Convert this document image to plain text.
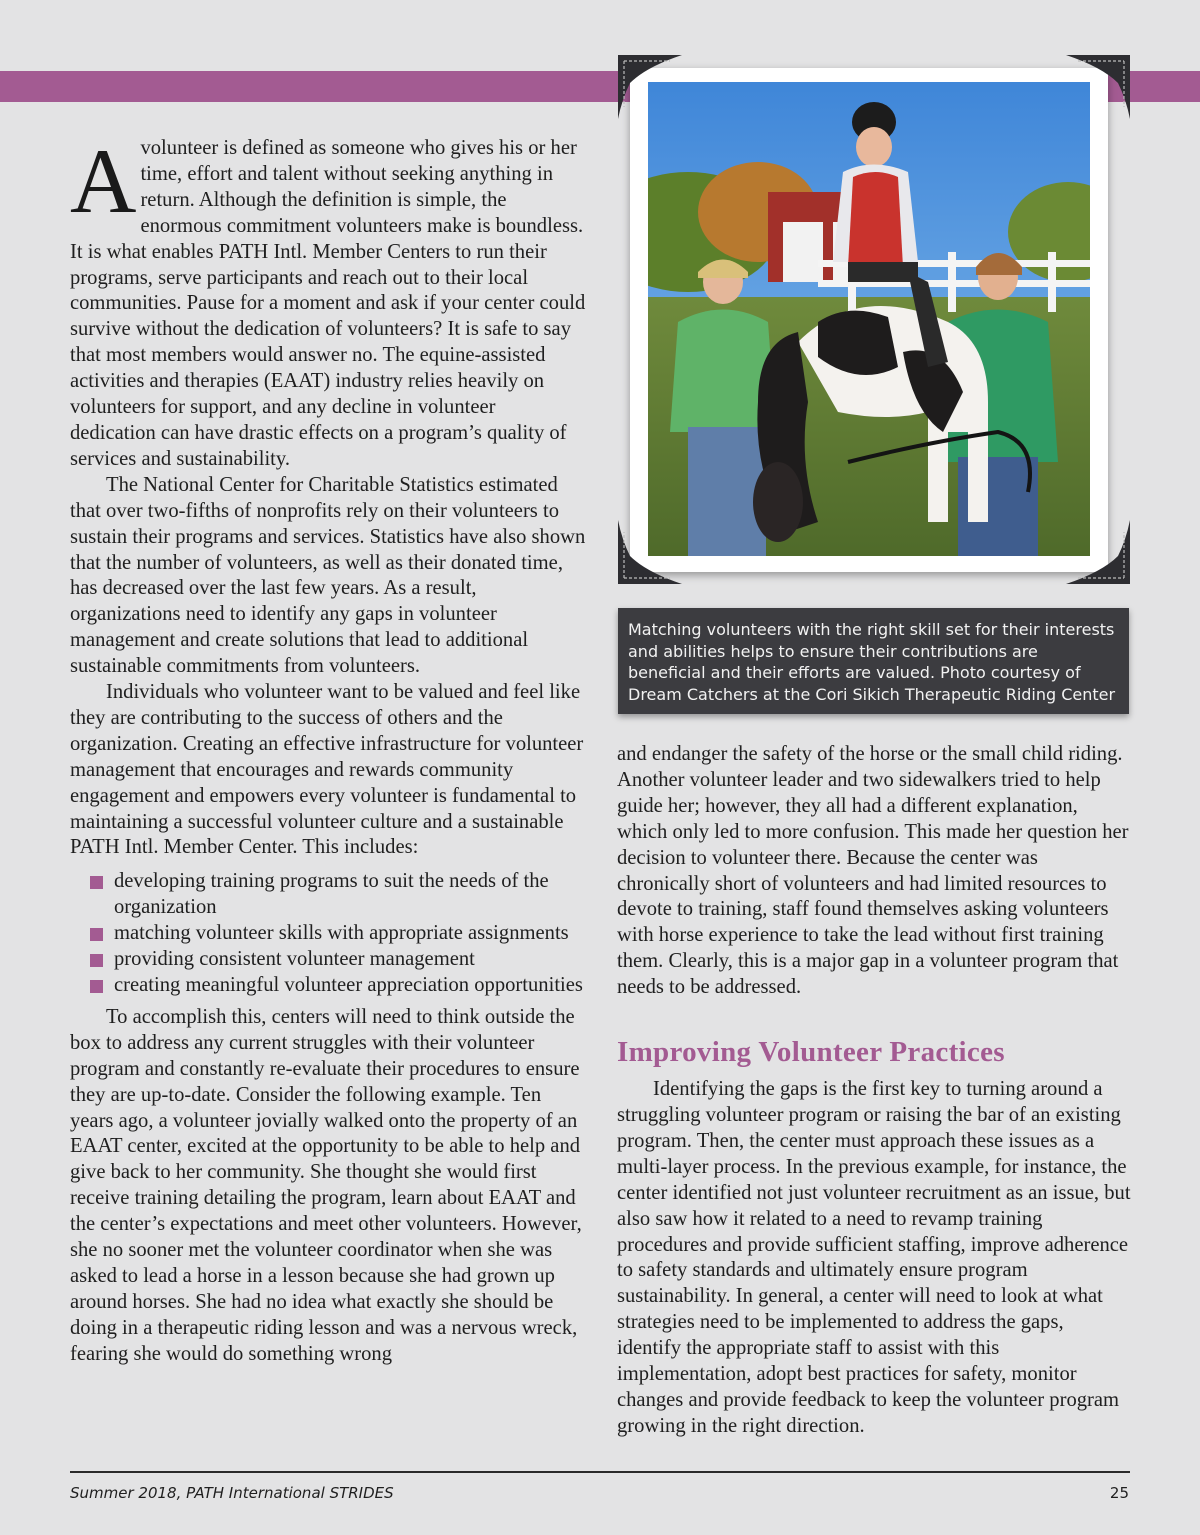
Avolunteer is defined as someone who gives his or her time, effort and talent without seeking anything in return. Although the definition is simple, the enormous commitment volunteers make is boundless. It is what enables PATH Intl. Member Centers to run their programs, serve participants and reach out to their local communities. Pause for a moment and ask if your center could survive without the dedication of volunteers? It is safe to say that most members would answer no. The equine-assisted activities and therapies (EAAT) industry relies heavily on volunteers for support, and any decline in volunteer dedication can have drastic effects on a program’s quality of services and sustainability.

The National Center for Charitable Statistics estimated that over two-fifths of nonprofits rely on their volunteers to sustain their programs and services. Statistics have also shown that the number of volunteers, as well as their donated time, has decreased over the last few years. As a result, organizations need to identify any gaps in volunteer management and create solutions that lead to additional sustainable commitments from volunteers.

Individuals who volunteer want to be valued and feel like they are contributing to the success of others and the organization. Creating an effective infrastructure for volunteer management that encourages and rewards community engagement and empowers every volunteer is fundamental to maintaining a successful volunteer culture and a sustainable PATH Intl. Member Center. This includes:

developing training programs to suit the needs of the organization
matching volunteer skills with appropriate assignments
providing consistent volunteer management
creating meaningful volunteer appreciation opportunities

To accomplish this, centers will need to think outside the box to address any current struggles with their volunteer program and constantly re-evaluate their procedures to ensure they are up-to-date. Consider the following example. Ten years ago, a volunteer jovially walked onto the property of an EAAT center, excited at the opportunity to be able to help and give back to her community. She thought she would first receive training detailing the program, learn about EAAT and the center’s expectations and meet other volunteers. However, she no sooner met the volunteer coordinator when she was asked to lead a horse in a lesson because she had grown up around horses. She had no idea what exactly she should be doing in a therapeutic riding lesson and was a nervous wreck, fearing she would do something wrong

Matching volunteers with the right skill set for their interests and abilities helps to ensure their contributions are beneficial and their efforts are valued. Photo courtesy of Dream Catchers at the Cori Sikich Therapeutic Riding Center

and endanger the safety of the horse or the small child riding. Another volunteer leader and two sidewalkers tried to help guide her; however, they all had a different explanation, which only led to more confusion. This made her question her decision to volunteer there. Because the center was chronically short of volunteers and had limited resources to devote to training, staff found themselves asking volunteers with horse experience to take the lead without first training them. Clearly, this is a major gap in a volunteer program that needs to be addressed.

Improving Volunteer Practices

Identifying the gaps is the first key to turning around a struggling volunteer program or raising the bar of an existing program. Then, the center must approach these issues as a multi-layer process. In the previous example, for instance, the center identified not just volunteer recruitment as an issue, but also saw how it related to a need to revamp training procedures and provide sufficient staffing, improve adherence to safety standards and ultimately ensure program sustainability. In general, a center will need to look at what strategies need to be implemented to address the gaps, identify the appropriate staff to assist with this implementation, adopt best practices for safety, monitor changes and provide feedback to keep the volunteer program growing in the right direction.

Summer 2018, PATH International STRIDES	25
